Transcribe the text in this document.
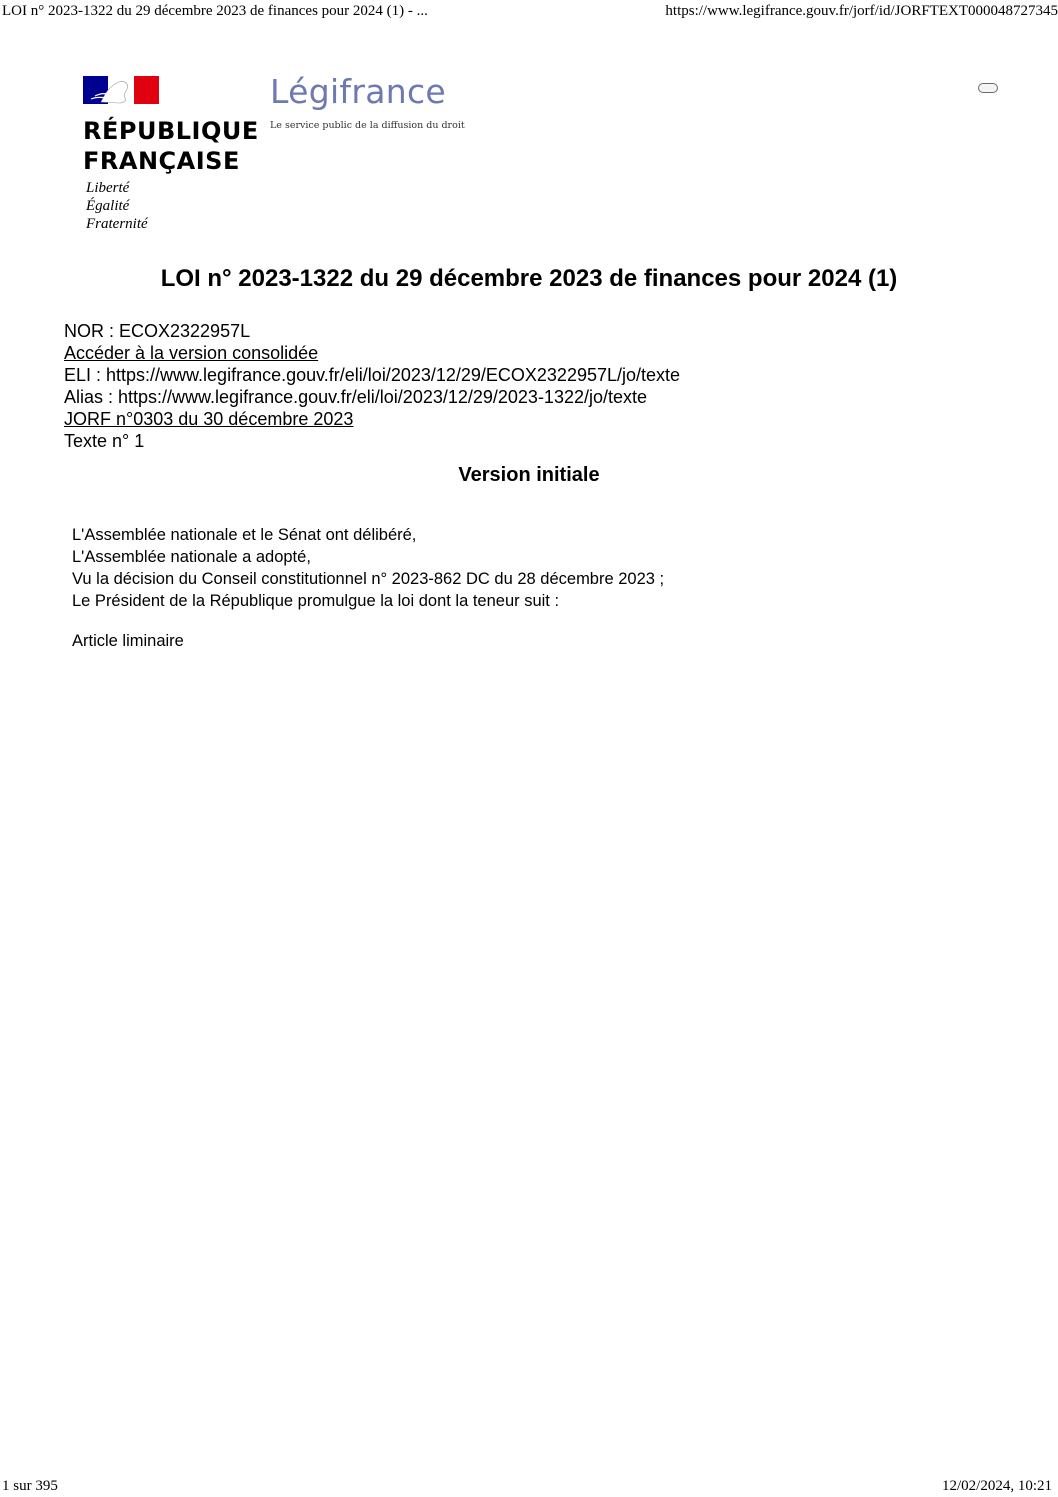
LOI n° 2023-1322 du 29 décembre 2023 de finances pour 2024 (1) - ...	https://www.legifrance.gouv.fr/jorf/id/JORFTEXT000048727345
RÉPUBLIQUE
FRANÇAISE
Liberté
Égalité
Fraternité
Légifrance
Le service public de la diffusion du droit
LOI n° 2023-1322 du 29 décembre 2023 de finances pour 2024 (1)
NOR : ECOX2322957L
Accéder à la version consolidée
ELI : https://www.legifrance.gouv.fr/eli/loi/2023/12/29/ECOX2322957L/jo/texte
Alias : https://www.legifrance.gouv.fr/eli/loi/2023/12/29/2023-1322/jo/texte
JORF n°0303 du 30 décembre 2023
Texte n° 1
Version initiale
L'Assemblée nationale et le Sénat ont délibéré,
L'Assemblée nationale a adopté,
Vu la décision du Conseil constitutionnel n° 2023-862 DC du 28 décembre 2023 ;
Le Président de la République promulgue la loi dont la teneur suit :
Article liminaire
1 sur 395	12/02/2024, 10:21
